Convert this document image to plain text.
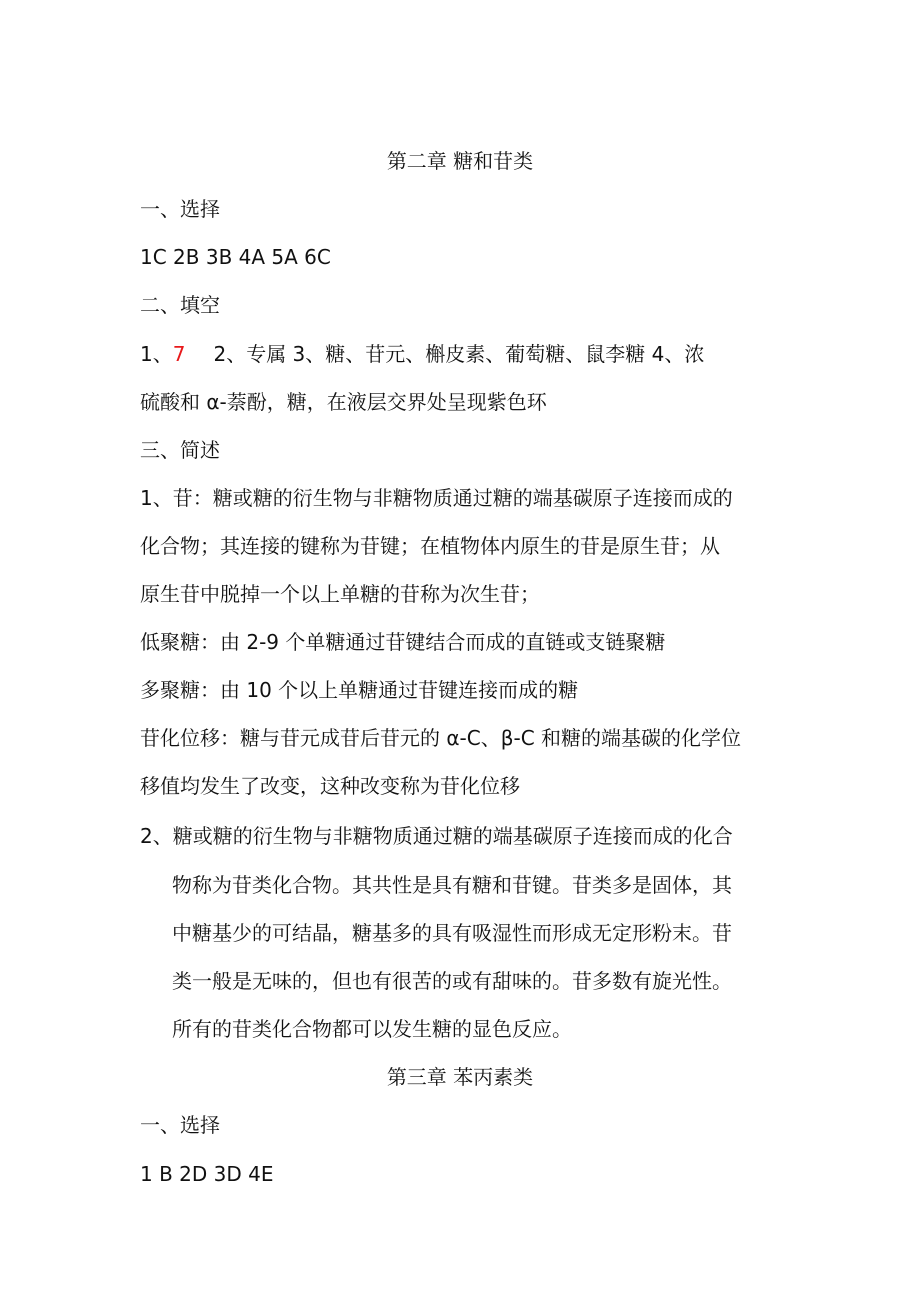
第二章 糖和苷类
一、选择
1C 2B 3B 4A 5A 6C
二、填空
1、7 2、专属 3、糖、苷元、槲皮素、葡萄糖、鼠李糖 4、浓
硫酸和 α-萘酚，糖，在液层交界处呈现紫色环
三、简述
1、苷：糖或糖的衍生物与非糖物质通过糖的端基碳原子连接而成的
化合物；其连接的键称为苷键；在植物体内原生的苷是原生苷；从
原生苷中脱掉一个以上单糖的苷称为次生苷；
低聚糖：由 2-9 个单糖通过苷键结合而成的直链或支链聚糖
多聚糖：由 10 个以上单糖通过苷键连接而成的糖
苷化位移：糖与苷元成苷后苷元的 α-C、β-C 和糖的端基碳的化学位
移值均发生了改变，这种改变称为苷化位移
2、糖或糖的衍生物与非糖物质通过糖的端基碳原子连接而成的化合
物称为苷类化合物。其共性是具有糖和苷键。苷类多是固体，其
中糖基少的可结晶，糖基多的具有吸湿性而形成无定形粉末。苷
类一般是无味的，但也有很苦的或有甜味的。苷多数有旋光性。
所有的苷类化合物都可以发生糖的显色反应。
第三章 苯丙素类
一、选择
1 B 2D 3D 4E
